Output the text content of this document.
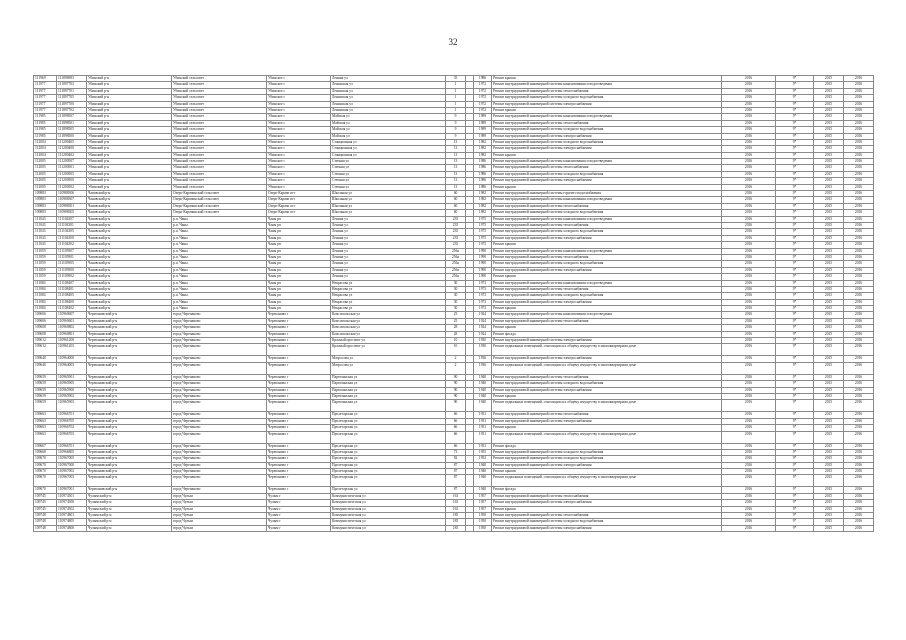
32
111969	111896983	Убинский р-н	Убинский сельсовет	Убинское с	Ленина ул	35		1986	Ремонт крыши	2016	9*	2015	2016
111977	111897703	Убинский р-н	Убинский сельсовет	Убинское с	Ленинская ул	1		1972	Ремонт внутридомовой инженерной системы канализования и водоотведения	2016	9*	2015	2016
111977	111897701	Убинский р-н	Убинский сельсовет	Убинское с	Ленинская ул	1		1972	Ремонт внутридомовой инженерной системы теплоснабжения	2016	9*	2015	2016
111977	111897705	Убинский р-н	Убинский сельсовет	Убинское с	Ленинская ул	1		1972	Ремонт внутридомовой инженерной системы холодного водоснабжения	2016	9*	2015	2016
111977	111897700	Убинский р-н	Убинский сельсовет	Убинское с	Ленинская ул	1		1972	Ремонт внутридомовой инженерной системы электроснабжения	2016	9*	2015	2016
111977	111897702	Убинский р-н	Убинский сельсовет	Убинское с	Ленинская ул	1		1972	Ремонт крыши	2016	9*	2015	2016
111985	111898507	Убинский р-н	Убинский сельсовет	Убинское с	Майская ул	9		1989	Ремонт внутридомовой инженерной системы канализования и водоотведения	2016	9*	2015	2016
111985	111898501	Убинский р-н	Убинский сельсовет	Убинское с	Майская ул	9		1989	Ремонт внутридомовой инженерной системы теплоснабжения	2016	9*	2015	2016
111985	111898505	Убинский р-н	Убинский сельсовет	Убинское с	Майская ул	9		1989	Ремонт внутридомовой инженерной системы холодного водоснабжения	2016	9*	2015	2016
111985	111898500	Убинский р-н	Убинский сельсовет	Убинское с	Майская ул	9		1989	Ремонт внутридомовой инженерной системы электроснабжения	2016	9*	2015	2016
112004	111200405	Убинский р-н	Убинский сельсовет	Убинское с	Станционная ул	13		1982	Ремонт внутридомовой инженерной системы холодного водоснабжения	2016	9*	2015	2016
112004	111200400	Убинский р-н	Убинский сельсовет	Убинское с	Станционная ул	13		1982	Ремонт внутридомовой инженерной системы электроснабжения	2016	9*	2015	2016
112004	111200402	Убинский р-н	Убинский сельсовет	Убинское с	Станционная ул	13		1982	Ремонт крыши	2016	9*	2015	2016
112005	111200507	Убинский р-н	Убинский сельсовет	Убинское с	Степная ул	13		1986	Ремонт внутридомовой инженерной системы канализования и водоотведения	2016	9*	2015	2016
112005	111200501	Убинский р-н	Убинский сельсовет	Убинское с	Степная ул	13		1986	Ремонт внутридомовой инженерной системы теплоснабжения	2016	9*	2015	2016
112005	111200505	Убинский р-н	Убинский сельсовет	Убинское с	Степная ул	13		1986	Ремонт внутридомовой инженерной системы холодного водоснабжения	2016	9*	2015	2016
112005	111200500	Убинский р-н	Убинский сельсовет	Убинское с	Степная ул	13		1986	Ремонт внутридомовой инженерной системы электроснабжения	2016	9*	2015	2016
112005	111200502	Убинский р-н	Убинский сельсовет	Убинское с	Степная ул	13		1986	Ремонт крыши	2016	9*	2015	2016
109883	110988306	Чановский р-н	Озеро-Карачинский сельсовет	Озеро-Карачи пгт	Школьная ул	60		1982	Ремонт внутридомовой инженерной системы горячего водоснабжения	2016	9*	2015	2016
109883	110988307	Чановский р-н	Озеро-Карачинский сельсовет	Озеро-Карачи пгт	Школьная ул	60		1982	Ремонт внутридомовой инженерной системы канализования и водоотведения	2016	9*	2015	2016
109883	110988301	Чановский р-н	Озеро-Карачинский сельсовет	Озеро-Карачи пгт	Школьная ул	60		1982	Ремонт внутридомовой инженерной системы теплоснабжения	2016	9*	2015	2016
109883	110988305	Чановский р-н	Озеро-Карачинский сельсовет	Озеро-Карачи пгт	Школьная ул	60		1982	Ремонт внутридомовой инженерной системы холодного водоснабжения	2016	9*	2015	2016
111043	111104307	Чановский р-н	р.п. Чаны	Чаны рп	Ленина ул	235		1975	Ремонт внутридомовой инженерной системы канализования и водоотведения	2016	9*	2015	2016
111043	111104301	Чановский р-н	р.п. Чаны	Чаны рп	Ленина ул	235		1975	Ремонт внутридомовой инженерной системы теплоснабжения	2016	9*	2015	2016
111043	111104305	Чановский р-н	р.п. Чаны	Чаны рп	Ленина ул	235		1975	Ремонт внутридомовой инженерной системы холодного водоснабжения	2016	9*	2015	2016
111043	111104300	Чановский р-н	р.п. Чаны	Чаны рп	Ленина ул	235		1975	Ремонт внутридомовой инженерной системы электроснабжения	2016	9*	2015	2016
111043	111104302	Чановский р-н	р.п. Чаны	Чаны рп	Ленина ул	235		1975	Ремонт крыши	2016	9*	2015	2016
111059	111105907	Чановский р-н	р.п. Чаны	Чаны рп	Ленина ул	256а		1990	Ремонт внутридомовой инженерной системы канализования и водоотведения	2016	9*	2015	2016
111059	111105901	Чановский р-н	р.п. Чаны	Чаны рп	Ленина ул	256а		1990	Ремонт внутридомовой инженерной системы теплоснабжения	2016	9*	2015	2016
111059	111105905	Чановский р-н	р.п. Чаны	Чаны рп	Ленина ул	256а		1990	Ремонт внутридомовой инженерной системы холодного водоснабжения	2016	9*	2015	2016
111059	111105900	Чановский р-н	р.п. Чаны	Чаны рп	Ленина ул	256а		1990	Ремонт внутридомовой инженерной системы электроснабжения	2016	9*	2015	2016
111059	111105902	Чановский р-н	р.п. Чаны	Чаны рп	Ленина ул	256а		1990	Ремонт крыши	2016	9*	2015	2016
111084	111108407	Чановский р-н	р.п. Чаны	Чаны рп	Некрасова ул	30		1973	Ремонт внутридомовой инженерной системы канализования и водоотведения	2016	9*	2015	2016
111084	111108401	Чановский р-н	р.п. Чаны	Чаны рп	Некрасова ул	30		1973	Ремонт внутридомовой инженерной системы теплоснабжения	2016	9*	2015	2016
111084	111108405	Чановский р-н	р.п. Чаны	Чаны рп	Некрасова ул	30		1973	Ремонт внутридомовой инженерной системы холодного водоснабжения	2016	9*	2015	2016
111084	111108400	Чановский р-н	р.п. Чаны	Чаны рп	Некрасова ул	30		1973	Ремонт внутридомовой инженерной системы электроснабжения	2016	9*	2015	2016
111084	111108402	Чановский р-н	р.п. Чаны	Чаны рп	Некрасова ул	30		1973	Ремонт крыши	2016	9*	2015	2016
109606	110960607	Черепановский р-н	город Черепаново	Черепаново г	Комсомольская ул	25		1924	Ремонт внутридомовой инженерной системы канализования и водоотведения	2016	9*	2015	2016
109606	110960601	Черепановский р-н	город Черепаново	Черепаново г	Комсомольская ул	25		1924	Ремонт внутридомовой инженерной системы теплоснабжения	2016	9*	2015	2016
109608	110960802	Черепановский р-н	город Черепаново	Черепаново г	Комсомольская ул	28		1924	Ремонт крыши	2016	9*	2015	2016
109608	110960801	Черепановский р-н	город Черепаново	Черепаново г	Комсомольская ул	28		1924	Ремонт фасада	2016	9*	2015	2016
109612	110961200	Черепановский р-н	город Черепаново	Черепаново г	Красный проспект ул	10		1930	Ремонт внутридомовой инженерной системы электроснабжения	2016	9*	2015	2016
109612	110961203	Черепановский р-н	город Черепаново	Черепаново г	Красный проспект ул	10		1930	Ремонт подвальных помещений, относящихся к общему имуществу в многоквартирном доме	2016	9*	2015	2016
109640	110964000	Черепановский р-н	город Черепаново	Черепаново г	Матросова ул	2		1936	Ремонт внутридомовой инженерной системы электроснабжения	2016	9*	2015	2016
109640	110964003	Черепановский р-н	город Черепаново	Черепаново г	Матросова ул	2		1936	Ремонт подвальных помещений, относящихся к общему имуществу в многоквартирном доме	2016	9*	2015	2016
109659	110965901	Черепановский р-н	город Черепаново	Черепаново г	Партизанская ул	90		1940	Ремонт внутридомовой инженерной системы теплоснабжения	2016	9*	2015	2016
109659	110965905	Черепановский р-н	город Черепаново	Черепаново г	Партизанская ул	90		1940	Ремонт внутридомовой инженерной системы холодного водоснабжения	2016	9*	2015	2016
109659	110965900	Черепановский р-н	город Черепаново	Черепаново г	Партизанская ул	90		1940	Ремонт внутридомовой инженерной системы электроснабжения	2016	9*	2015	2016
109659	110965902	Черепановский р-н	город Черепаново	Черепаново г	Партизанская ул	90		1940	Ремонт крыши	2016	9*	2015	2016
109659	110965903	Черепановский р-н	город Черепаново	Черепаново г	Партизанская ул	90		1940	Ремонт подвальных помещений, относящихся к общему имуществу в многоквартирном доме	2016	9*	2015	2016
109663	110966701	Черепановский р-н	город Черепаново	Черепаново г	Пролетарская ул	66		1931	Ремонт внутридомовой инженерной системы теплоснабжения	2016	9*	2015	2016
109663	110966705	Черепановский р-н	город Черепаново	Черепаново г	Пролетарская ул	66		1931	Ремонт внутридомовой инженерной системы электроснабжения	2016	9*	2015	2016
109663	110966702	Черепановский р-н	город Черепаново	Черепаново г	Пролетарская ул	66		1931	Ремонт крыши	2016	9*	2015	2016
109663	110966703	Черепановский р-н	город Черепаново	Черепаново г	Пролетарская ул	66		1931	Ремонт подвальных помещений, относящихся к общему имуществу в многоквартирном доме	2016	9*	2015	2016
109667	110966701	Черепановский р-н	город Черепаново	Черепаново г	Пролетарская ул	66		1931	Ремонт фасада	2016	9*	2015	2016
109668	110966805	Черепановский р-н	город Черепаново	Черепаново г	Пролетарская ул	73		1955	Ремонт внутридомовой инженерной системы холодного водоснабжения	2016	9*	2015	2016
109670	110967005	Черепановский р-н	город Черепаново	Черепаново г	Пролетарская ул	82		1952	Ремонт внутридомовой инженерной системы холодного водоснабжения	2016	9*	2015	2016
109670	110967000	Черепановский р-н	город Черепаново	Черепаново г	Пролетарская ул	87		1940	Ремонт внутридомовой инженерной системы электроснабжения	2016	9*	2015	2016
109670	110967002	Черепановский р-н	город Черепаново	Черепаново г	Пролетарская ул	87		1940	Ремонт крыши	2016	9*	2015	2016
109670	110967003	Черепановский р-н	город Черепаново	Черепаново г	Пролетарская ул	87		1940	Ремонт подвальных помещений, относящихся к общему имуществу в многоквартирном доме	2016	9*	2015	2016
109670	110967001	Черепановский р-н	город Черепаново	Черепаново г	Пролетарская ул	87		1940	Ремонт фасада	2016	9*	2015	2016
109745	110974501	Чулымский р-н	город Чулым	Чулым г	Коммунистическая ул	163		1957	Ремонт внутридомовой инженерной системы теплоснабжения	2016	9*	2015	2016
109745	110974500	Чулымский р-н	город Чулым	Чулым г	Коммунистическая ул	163		1957	Ремонт внутридомовой инженерной системы электроснабжения	2016	9*	2015	2016
109745	110974502	Чулымский р-н	город Чулым	Чулым г	Коммунистическая ул	163		1957	Ремонт крыши	2016	9*	2015	2016
109748	110974801	Чулымский р-н	город Чулым	Чулым г	Коммунистическая ул	185		1950	Ремонт внутридомовой инженерной системы теплоснабжения	2016	9*	2015	2016
109748	110974805	Чулымский р-н	город Чулым	Чулым г	Коммунистическая ул	185		1950	Ремонт внутридомовой инженерной системы холодного водоснабжения	2016	9*	2015	2016
109748	110974800	Чулымский р-н	город Чулым	Чулым г	Коммунистическая ул	185		1950	Ремонт внутридомовой инженерной системы электроснабжения	2016	9*	2015	2016
